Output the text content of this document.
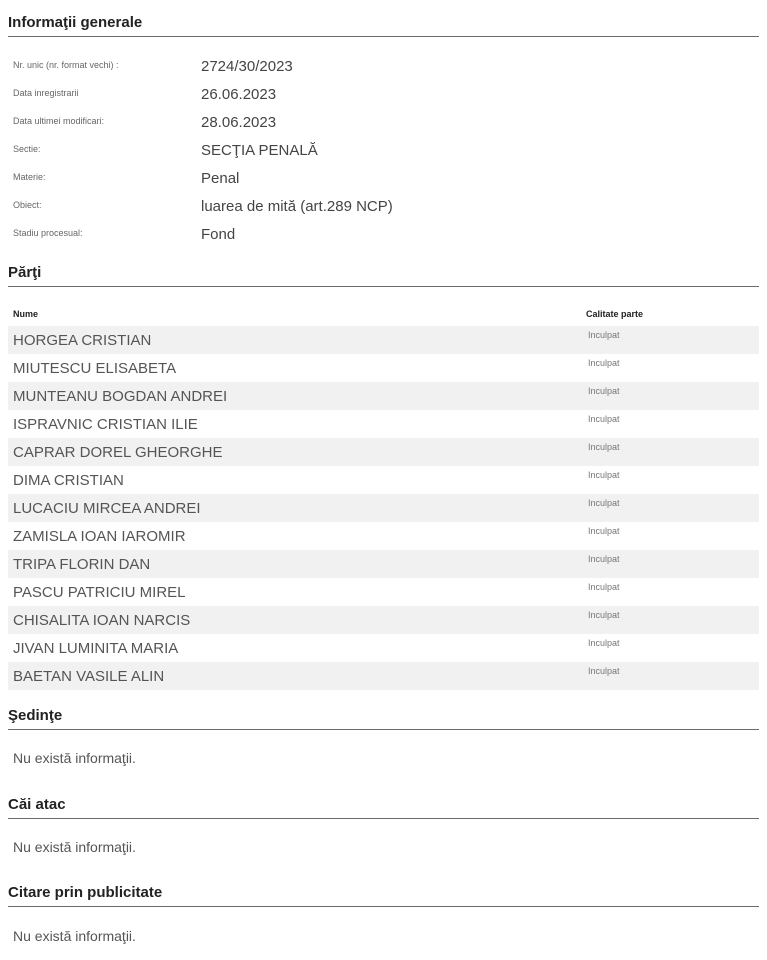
Informaţii generale
Nr. unic (nr. format vechi) :	2724/30/2023
Data inregistrarii	26.06.2023
Data ultimei modificari:	28.06.2023
Sectie:	SECŢIA PENALĂ
Materie:	Penal
Obiect:	luarea de mită (art.289 NCP)
Stadiu procesual:	Fond
Părţi
Nume	Calitate parte
HORGEA CRISTIAN	Inculpat
MIUTESCU ELISABETA	Inculpat
MUNTEANU BOGDAN ANDREI	Inculpat
ISPRAVNIC CRISTIAN ILIE	Inculpat
CAPRAR DOREL GHEORGHE	Inculpat
DIMA CRISTIAN	Inculpat
LUCACIU MIRCEA ANDREI	Inculpat
ZAMISLA IOAN IAROMIR	Inculpat
TRIPA FLORIN DAN	Inculpat
PASCU PATRICIU MIREL	Inculpat
CHISALITA IOAN NARCIS	Inculpat
JIVAN LUMINITA MARIA	Inculpat
BAETAN VASILE ALIN	Inculpat
Şedinţe
Nu există informaţii.
Căi atac
Nu există informaţii.
Citare prin publicitate
Nu există informaţii.
